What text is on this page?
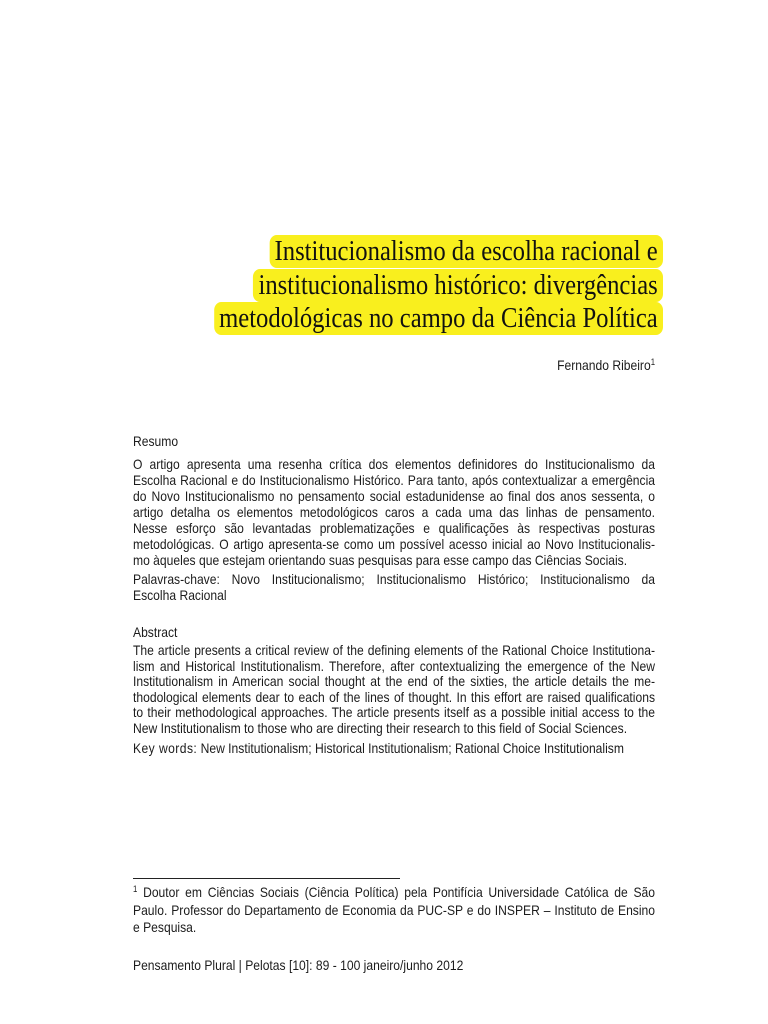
Institucionalismo da escolha racional e
institucionalismo histórico: divergências
metodológicas no campo da Ciência Política
Fernando Ribeiro$^1$
Resumo
O artigo apresenta uma resenha crítica dos elementos definidores do Institucionalismo da
Escolha Racional e do Institucionalismo Histórico. Para tanto, após contextualizar a emergência
do Novo Institucionalismo no pensamento social estadunidense ao final dos anos sessenta, o
artigo detalha os elementos metodológicos caros a cada uma das linhas de pensamento.
Nesse esforço são levantadas problematizações e qualificações às respectivas posturas
metodológicas. O artigo apresenta-se como um possível acesso inicial ao Novo Institucionalis-
mo àqueles que estejam orientando suas pesquisas para esse campo das Ciências Sociais.
Palavras-chave: Novo Institucionalismo; Institucionalismo Histórico; Institucionalismo da
Escolha Racional
Abstract
The article presents a critical review of the defining elements of the Rational Choice Institutiona-
lism and Historical Institutionalism. Therefore, after contextualizing the emergence of the New
Institutionalism in American social thought at the end of the sixties, the article details the me-
thodological elements dear to each of the lines of thought. In this effort are raised qualifications
to their methodological approaches. The article presents itself as a possible initial access to the
New Institutionalism to those who are directing their research to this field of Social Sciences.
Key words: New Institutionalism; Historical Institutionalism; Rational Choice Institutionalism
$^1$ Doutor em Ciências Sociais (Ciência Política) pela Pontifícia Universidade Católica de São
Paulo. Professor do Departamento de Economia da PUC-SP e do INSPER – Instituto de Ensino
e Pesquisa.
Pensamento Plural | Pelotas [10]: 89 - 100 janeiro/junho 2012
